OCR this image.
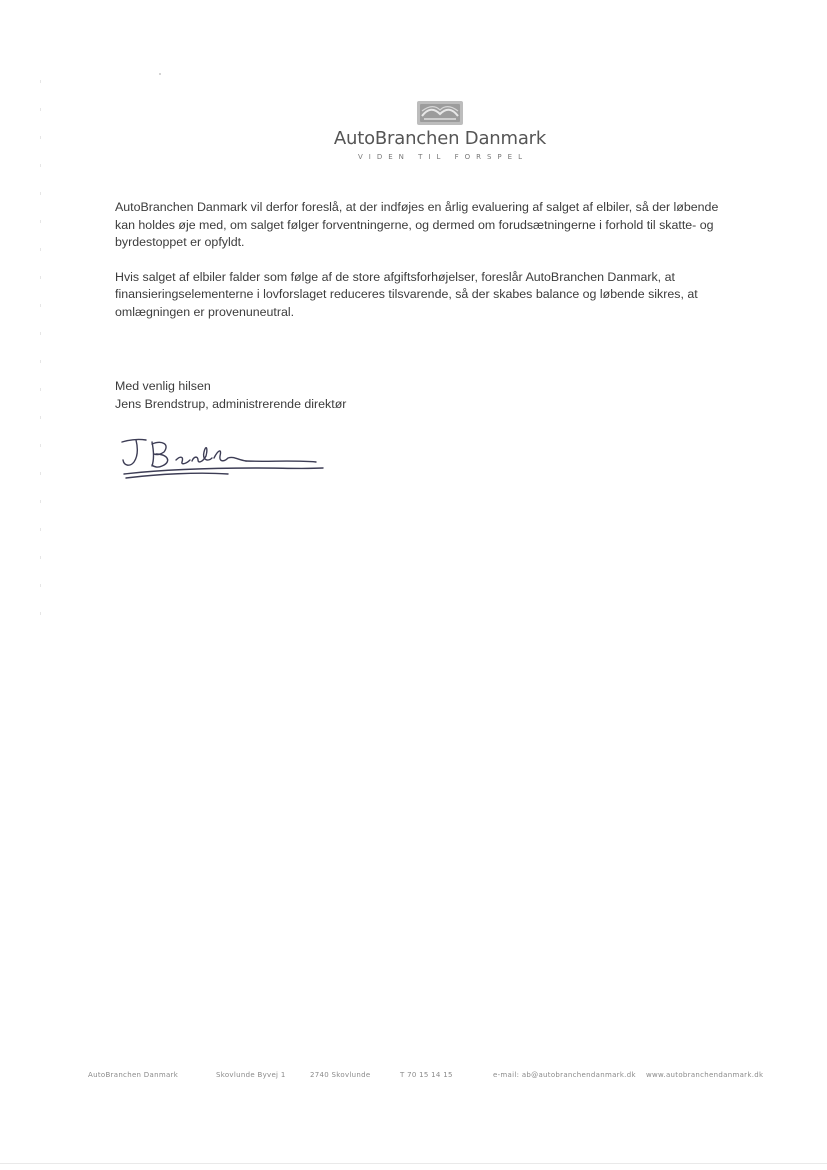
AutoBranchen Danmark
VIDEN TIL FORSPEL

AutoBranchen Danmark vil derfor foreslå, at der indføjes en årlig evaluering af salget af elbiler, så der løbende kan holdes øje med, om salget følger forventningerne, og dermed om forudsætningerne i forhold til skatte- og byrdestoppet er opfyldt.

Hvis salget af elbiler falder som følge af de store afgiftsforhøjelser, foreslår AutoBranchen Danmark, at finansieringselementerne i lovforslaget reduceres tilsvarende, så der skabes balance og løbende sikres, at omlægningen er provenuneutral.

Med venlig hilsen
Jens Brendstrup, administrerende direktør
AutoBranchen Danmark	Skovlunde Byvej 1	2740 Skovlunde	T 70 15 14 15	e-mail: ab@autobranchendanmark.dk www.autobranchendanmark.dk
